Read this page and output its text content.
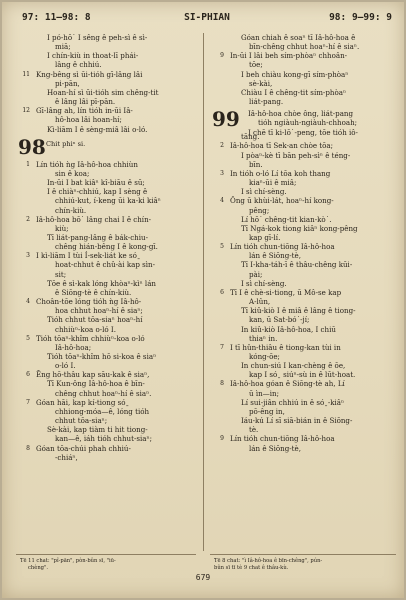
97: 11—98: 8	SI-PHIAN	98: 9—99: 9
I pó-hō˙ I sêng ê peh-sì ê sì-
miā;
I chín-kiù in thoat-lī phái-
lâng ê chhiú.
11 Kng-bêng sì ūi-tióh gī-lâng lâi
pi-pān,
Hoan-hí sì ūi-tióh sim chêng-tit
ê lâng lâi pī-pān.
12 Gī-lâng ah, lín tióh in-ūi Iâ-
hô-hoa lâi hoan-hí;
Kì-liām I ê sèng-miâ lâi o-ló.
98 Chit phiⁿ si.
1 Lín tióh ǹg Iâ-hô-hoa chhiùn
sin ê koa;
In-ūi I bat kiâⁿ kî-biāu ê sū;
I ê chiàⁿ-chhiú, kap I sèng ê
chhiú-kut, í-keng ūi ka-ki kiâⁿ
chín-kiù.
2 Iâ-hô-hoa bō˙ lâng chai I ê chín-
kiù;
Tī liát-pang-lâng ê bák-chiu-
chêng hián-bêng I ê kong-gī.
3 I kì-liām I tùi Í-sek-liát ke sóˍ
hoat-chhut ê chû-ài kap sìn-
sit;
Tōe ê sì-kak lóng khòaⁿ-kìⁿ lán
ê Siōng-tè ê chín-kiù.
4 Choân-tōe lóng tióh ǹg Iâ-hô-
hoa chhut hoaⁿ-hí ê siaⁿ;
Tióh chhut tōa-siaⁿ hoaⁿ-hí
chhiùⁿ-koa o-ló I.
5 Tióh tōaⁿ-khîm chhiùⁿ-koa o-ló
Iâ-hô-hoa;
Tióh tōaⁿ-khîm hō si-koa ê siaⁿ
o-ló I.
6 Ēng hō-thâu kap sāu-kak ê siaⁿ,
Tī Kun-ông Iâ-hô-hoa ê bīn-
chêng chhut hoaⁿ-hí ê siaⁿ.
7 Góan hāi, kap kí-tiong sóˍ
chhiong-móa—ê, lóng tióh
chhut tōa-siaⁿ;
Sè-kài, kap tiàm ti hit tiong-
kan—ê, iáh tióh chhut-siaⁿ;
8 Góan tōa-chúi phah chhiú-
-chiáⁿ,
Góan chiah ê soaⁿ tī Iâ-hô-hoa ê
bīn-chêng chhut hoaⁿ-hí ê siaⁿ.
9 In-ūi I lâi beh sím-phòaⁿ chhoân-
tōe;
I beh chiàu kong-gī sím-phòaⁿ
sè-kài,
Chiàu I ê chêng-tit sím-phòaⁿ
liát-pang.
99	Iâ-hô-hoa chòe ông, liát-pang
tióh ngiàuh-ngiàuh-chhoah;
I chē tī ki-lō˙-peng, tōe tióh iô-
tāng.
2 Iâ-hô-hoa tī Sek-an chòe tōa;
I pòaⁿ-kè tī bān peh-sìⁿ ê téng-
bīn.
3 In tióh o-ló Lí tōa koh thang
kiaⁿ-ūi ê miâ;
I sì chí-sèng.
4 Ông ū khùi-lát, hoaⁿ-hí kong-
pêng;
Lí hō˙ chêng-tit kian-kò˙.
Tī Ngá-kok tiong kiâⁿ kong-pêng
kap gī-lí.
5 Lín tióh chun-tiōng Iâ-hô-hoa
lán ê Siōng-tè,
Tī I-kha-táh-ī ê thâu-chêng kūi-
pài;
I sì chí-sèng.
6 Tī I ê chè-si-tiong, ū Mô-se kap
A-lûn,
Tī kiû-kiò I ê miâ ê lâng ê tiong-
kan, ū Sat-bó˙-jí;
In kiû-kiò Iâ-hô-hoa, I chiū
thiaⁿ in.
7 I tī hûn-thiâu ê tiong-kan tùi in
kóng-ōe;
In chun-siú I kan-chèng ê ōe,
kap I sóˍ siúⁿ-sù in ê lūt-hoat.
8 Iâ-hô-hoa góan ê Siōng-tè ah, Lí
ū ìn—in;
Lí sui-jiân chhiú in ê sóˍ-kiâⁿ
pō-êng in,
Iáu-kú Lí sī siā-bián in ê Siōng-
tè.
9 Lín tióh chun-tiōng Iâ-hô-hoa
lán ê Siōng-tè,
Tē 11 chat: "pî-pān", pòn-bûn sī, "iū-
chèng".
Tē 8 chat: "ì Iâ-hô-hoa ê bīn-chêng", pún-
bûn sī tī tè 9 chat ê thâu-kù.
679
